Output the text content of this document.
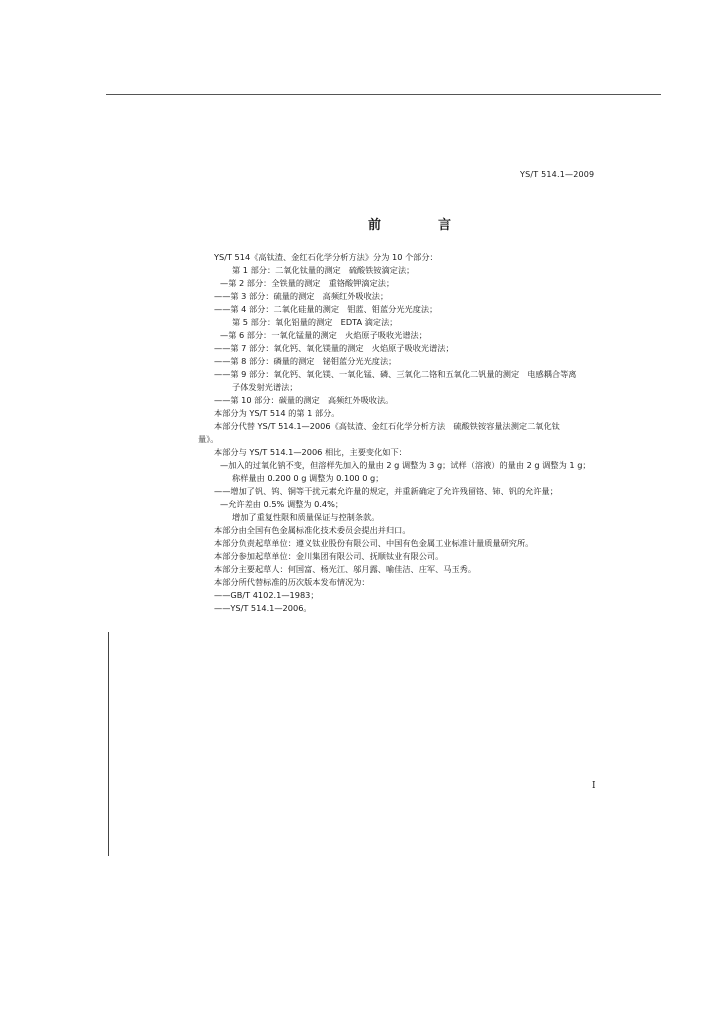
YS/T 514.1—2009
前　言
YS/T 514《高钛渣、金红石化学分析方法》分为 10 个部分：
第 1 部分：二氧化钛量的测定　硫酸铁铵滴定法；
—第 2 部分：全铁量的测定　重铬酸钾滴定法；
——第 3 部分：硫量的测定　高频红外吸收法；
——第 4 部分：二氧化硅量的测定　钼蓝、钼蓝分光光度法；
第 5 部分：氧化铝量的测定　EDTA 滴定法；
—第 6 部分：一氧化锰量的测定　火焰原子吸收光谱法；
——第 7 部分：氧化钙、氧化镁量的测定　火焰原子吸收光谱法；
——第 8 部分：磷量的测定　铋钼蓝分光光度法；
——第 9 部分：氧化钙、氧化镁、一氧化锰、磷、三氧化二铬和五氧化二钒量的测定　电感耦合等离
子体发射光谱法；
——第 10 部分：碳量的测定　高频红外吸收法。
本部分为 YS/T 514 的第 1 部分。
本部分代替 YS/T 514.1—2006《高钛渣、金红石化学分析方法　硫酸铁铵容量法测定二氧化钛
量》。
本部分与 YS/T 514.1—2006 相比，主要变化如下：
—加入的过氧化钠不变，但溶样先加入的量由 2 g 调整为 3 g；试样（溶液）的量由 2 g 调整为 1 g；
称样量由 0.200 0 g 调整为 0.100 0 g；
——增加了钒、钨、铜等干扰元素允许量的规定，并重新确定了允许残留铬、铈、钒的允许量；
—允许差由 0.5% 调整为 0.4%；
增加了重复性限和质量保证与控制条款。
本部分由全国有色金属标准化技术委员会提出并归口。
本部分负责起草单位：遵义钛业股份有限公司、中国有色金属工业标准计量质量研究所。
本部分参加起草单位：金川集团有限公司、抚顺钛业有限公司。
本部分主要起草人：何国富、杨光江、邬月露、喻佳洁、庄军、马玉秀。
本部分所代替标准的历次版本发布情况为：
——GB/T 4102.1—1983；
——YS/T 514.1—2006。
I
